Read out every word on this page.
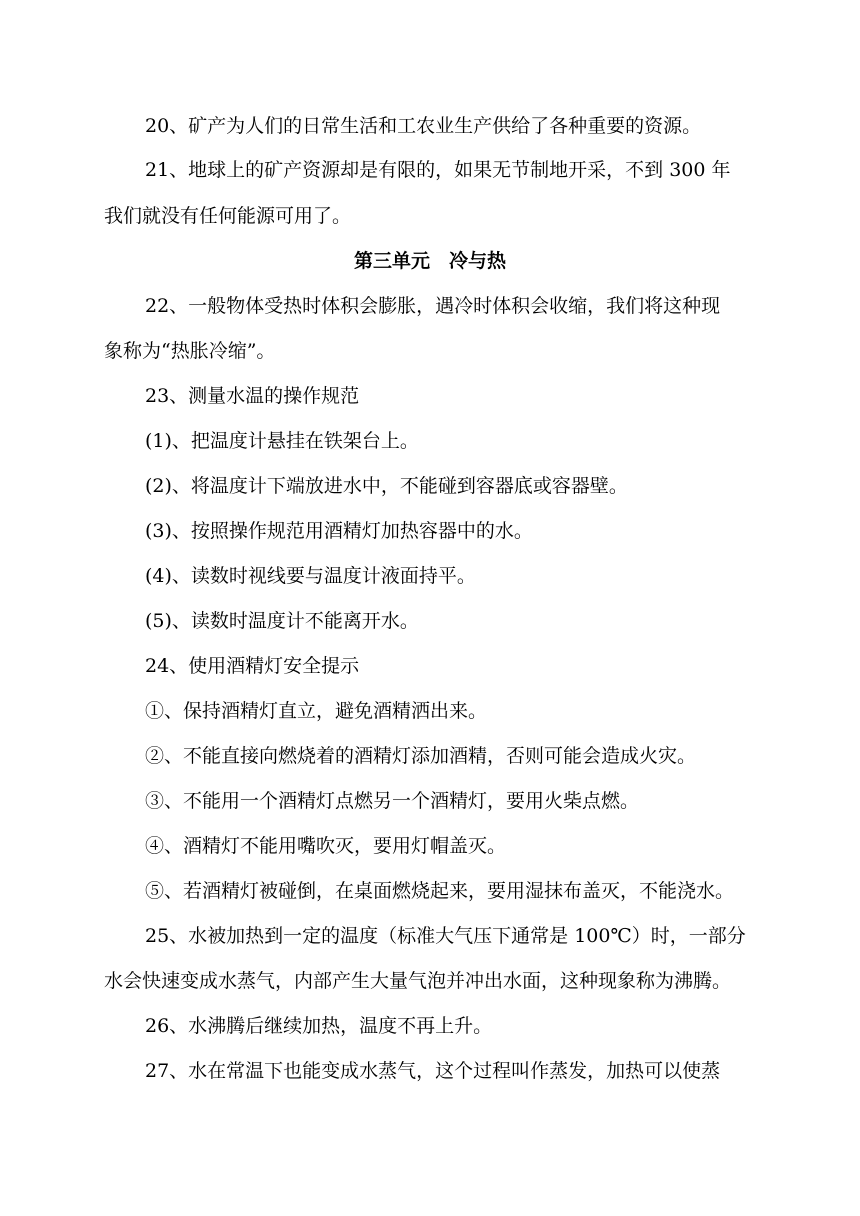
20、矿产为人们的日常生活和工农业生产供给了各种重要的资源。
21、地球上的矿产资源却是有限的，如果无节制地开采，不到 300 年
我们就没有任何能源可用了。
第三单元　冷与热
22、一般物体受热时体积会膨胀，遇冷时体积会收缩，我们将这种现
象称为“热胀冷缩”。
23、测量水温的操作规范
(1)、把温度计悬挂在铁架台上。
(2)、将温度计下端放进水中，不能碰到容器底或容器壁。
(3)、按照操作规范用酒精灯加热容器中的水。
(4)、读数时视线要与温度计液面持平。
(5)、读数时温度计不能离开水。
24、使用酒精灯安全提示
①、保持酒精灯直立，避免酒精洒出来。
②、不能直接向燃烧着的酒精灯添加酒精，否则可能会造成火灾。
③、不能用一个酒精灯点燃另一个酒精灯，要用火柴点燃。
④、酒精灯不能用嘴吹灭，要用灯帽盖灭。
⑤、若酒精灯被碰倒，在桌面燃烧起来，要用湿抹布盖灭，不能浇水。
25、水被加热到一定的温度（标准大气压下通常是 100℃）时，一部分
水会快速变成水蒸气，内部产生大量气泡并冲出水面，这种现象称为沸腾。
26、水沸腾后继续加热，温度不再上升。
27、水在常温下也能变成水蒸气，这个过程叫作蒸发，加热可以使蒸
